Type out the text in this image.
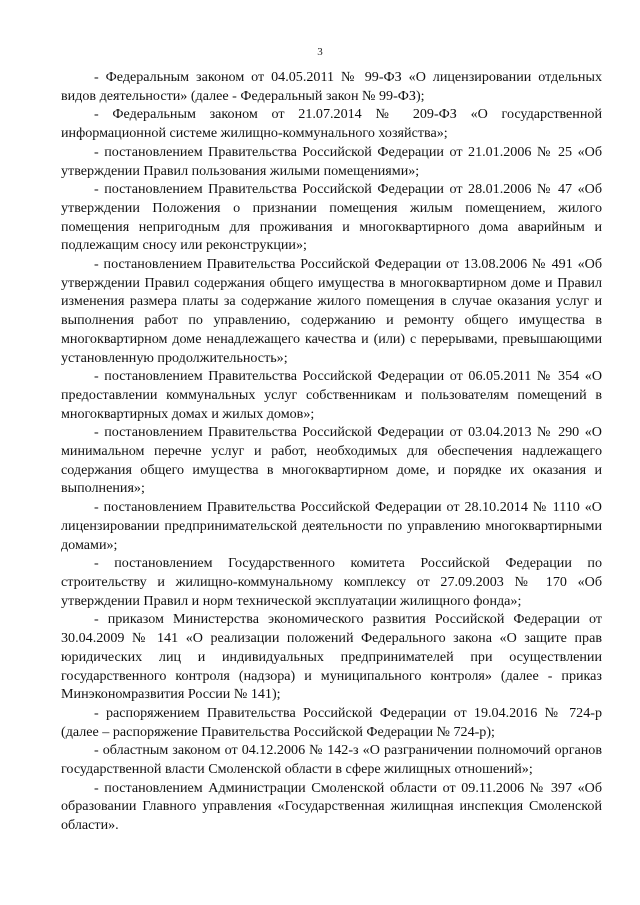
3

- Федеральным законом от 04.05.2011 № 99-ФЗ «О лицензировании отдельных видов деятельности» (далее - Федеральный закон № 99-ФЗ);

- Федеральным законом от 21.07.2014 № 209-ФЗ «О государственной информационной системе жилищно-коммунального хозяйства»;

- постановлением Правительства Российской Федерации от 21.01.2006 № 25 «Об утверждении Правил пользования жилыми помещениями»;

- постановлением Правительства Российской Федерации от 28.01.2006 № 47 «Об утверждении Положения о признании помещения жилым помещением, жилого помещения непригодным для проживания и многоквартирного дома аварийным и подлежащим сносу или реконструкции»;

- постановлением Правительства Российской Федерации от 13.08.2006 № 491 «Об утверждении Правил содержания общего имущества в многоквартирном доме и Правил изменения размера платы за содержание жилого помещения в случае оказания услуг и выполнения работ по управлению, содержанию и ремонту общего имущества в многоквартирном доме ненадлежащего качества и (или) с перерывами, превышающими установленную продолжительность»;

- постановлением Правительства Российской Федерации от 06.05.2011 № 354 «О предоставлении коммунальных услуг собственникам и пользователям помещений в многоквартирных домах и жилых домов»;

- постановлением Правительства Российской Федерации от 03.04.2013 № 290 «О минимальном перечне услуг и работ, необходимых для обеспечения надлежащего содержания общего имущества в многоквартирном доме, и порядке их оказания и выполнения»;

- постановлением Правительства Российской Федерации от 28.10.2014 № 1110 «О лицензировании предпринимательской деятельности по управлению многоквартирными домами»;

- постановлением Государственного комитета Российской Федерации по строительству и жилищно-коммунальному комплексу от 27.09.2003 № 170 «Об утверждении Правил и норм технической эксплуатации жилищного фонда»;

- приказом Министерства экономического развития Российской Федерации от 30.04.2009 № 141 «О реализации положений Федерального закона «О защите прав юридических лиц и индивидуальных предпринимателей при осуществлении государственного контроля (надзора) и муниципального контроля» (далее - приказ Минэкономразвития России № 141);

- распоряжением Правительства Российской Федерации от 19.04.2016 № 724-р (далее – распоряжение Правительства Российской Федерации № 724-р);

- областным законом от 04.12.2006 № 142-з «О разграничении полномочий органов государственной власти Смоленской области в сфере жилищных отношений»;

- постановлением Администрации Смоленской области от 09.11.2006 № 397 «Об образовании Главного управления «Государственная жилищная инспекция Смоленской области».
